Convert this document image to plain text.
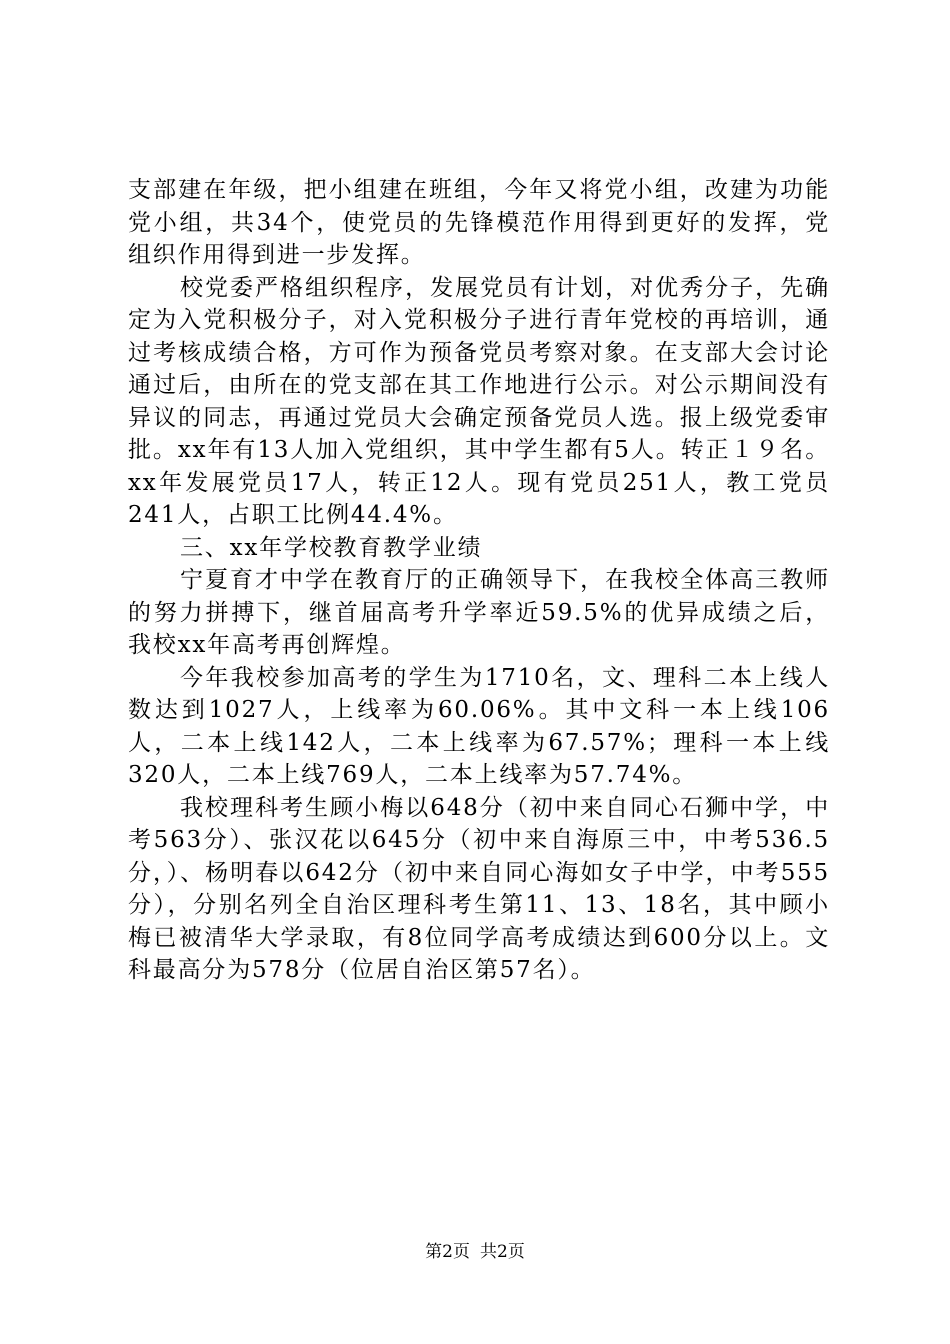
支部建在年级，把小组建在班组，今年又将党小组，改建为功能党小组，共34个，使党员的先锋模范作用得到更好的发挥，党组织作用得到进一步发挥。

校党委严格组织程序，发展党员有计划，对优秀分子，先确定为入党积极分子，对入党积极分子进行青年党校的再培训，通过考核成绩合格，方可作为预备党员考察对象。在支部大会讨论通过后，由所在的党支部在其工作地进行公示。对公示期间没有异议的同志，再通过党员大会确定预备党员人选。报上级党委审批。xx年有13人加入党组织，其中学生都有5人。转正１９名。xx年发展党员17人，转正12人。现有党员251人，教工党员241人，占职工比例44.4%。

三、xx年学校教育教学业绩

宁夏育才中学在教育厅的正确领导下，在我校全体高三教师的努力拼搏下，继首届高考升学率近59.5%的优异成绩之后，我校xx年高考再创辉煌。

今年我校参加高考的学生为1710名，文、理科二本上线人数达到1027人，上线率为60.06%。其中文科一本上线106人，二本上线142人，二本上线率为67.57%；理科一本上线320人，二本上线769人，二本上线率为57.74%。

我校理科考生顾小梅以648分（初中来自同心石狮中学，中考563分）、张汉花以645分（初中来自海原三中，中考536.5分，）、杨明春以642分（初中来自同心海如女子中学，中考555分），分别名列全自治区理科考生第11、13、18名，其中顾小梅已被清华大学录取，有8位同学高考成绩达到600分以上。文科最高分为578分（位居自治区第57名）。

第2页 共2页
